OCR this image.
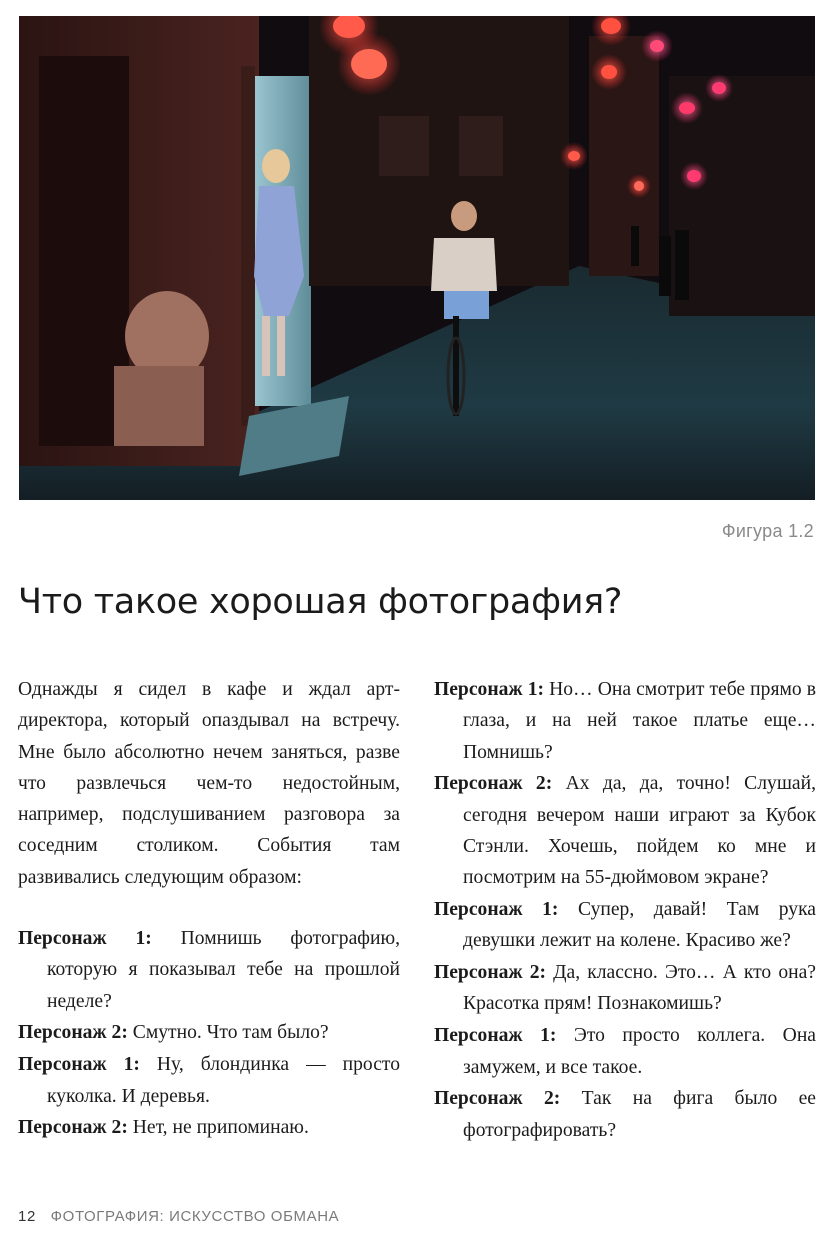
Фигура 1.2
Что такое хорошая фотография?

Однажды я сидел в кафе и ждал арт-директора, который опаздывал на встречу. Мне было абсолютно нечем заняться, разве что развлечься чем-то недостойным, например, подслушиванием разговора за соседним столиком. События там развивались следующим образом:

Персонаж 1: Помнишь фотографию, которую я показывал тебе на прошлой неделе?

Персонаж 2: Смутно. Что там было?

Персонаж 1: Ну, блондинка — просто куколка. И деревья.

Персонаж 2: Нет, не припоминаю.

Персонаж 1: Но… Она смотрит тебе прямо в глаза, и на ней такое платье еще… Помнишь?

Персонаж 2: Ах да, да, точно! Слушай, сегодня вечером наши играют за Кубок Стэнли. Хочешь, пойдем ко мне и посмотрим на 55-дюймовом экране?

Персонаж 1: Супер, давай! Там рука девушки лежит на колене. Красиво же?

Персонаж 2: Да, классно. Это… А кто она? Красотка прям! Познакомишь?

Персонаж 1: Это просто коллега. Она замужем, и все такое.

Персонаж 2: Так на фига было ее фотографировать?

12 ФОТОГРАФИЯ: ИСКУССТВО ОБМАНА
